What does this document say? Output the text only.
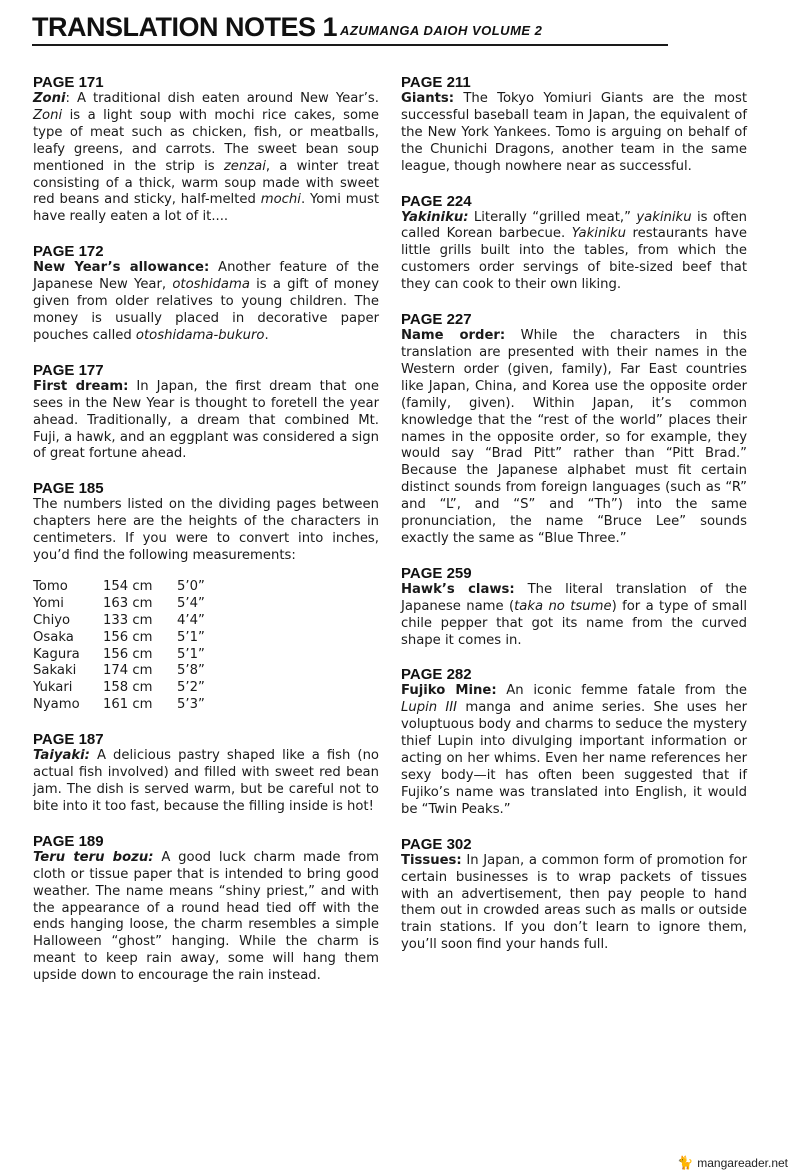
TRANSLATION NOTES 1 AZUMANGA DAIOH VOLUME 2
PAGE 171
Zoni: A traditional dish eaten around New Year’s. Zoni is a light soup with mochi rice cakes, some type of meat such as chicken, fish, or meatballs, leafy greens, and carrots. The sweet bean soup mentioned in the strip is zenzai, a winter treat consisting of a thick, warm soup made with sweet red beans and sticky, half-melted mochi. Yomi must have really eaten a lot of it....
PAGE 172
New Year’s allowance: Another feature of the Japanese New Year, otoshidama is a gift of money given from older relatives to young children. The money is usually placed in decorative paper pouches called otoshidama-bukuro.
PAGE 177
First dream: In Japan, the first dream that one sees in the New Year is thought to foretell the year ahead. Traditionally, a dream that combined Mt. Fuji, a hawk, and an eggplant was considered a sign of great fortune ahead.
PAGE 185
The numbers listed on the dividing pages between chapters here are the heights of the characters in centimeters. If you were to convert into inches, you’d find the following measurements:
Tomo	154 cm	5’0”
Yomi	163 cm	5’4”
Chiyo	133 cm	4’4”
Osaka	156 cm	5’1”
Kagura	156 cm	5’1”
Sakaki	174 cm	5’8”
Yukari	158 cm	5’2”
Nyamo	161 cm	5’3”
PAGE 187
Taiyaki: A delicious pastry shaped like a fish (no actual fish involved) and filled with sweet red bean jam. The dish is served warm, but be careful not to bite into it too fast, because the filling inside is hot!
PAGE 189
Teru teru bozu: A good luck charm made from cloth or tissue paper that is intended to bring good weather. The name means “shiny priest,” and with the appearance of a round head tied off with the ends hanging loose, the charm resembles a simple Halloween “ghost” hanging. While the charm is meant to keep rain away, some will hang them upside down to encourage the rain instead.
PAGE 211
Giants: The Tokyo Yomiuri Giants are the most successful baseball team in Japan, the equivalent of the New York Yankees. Tomo is arguing on behalf of the Chunichi Dragons, another team in the same league, though nowhere near as successful.
PAGE 224
Yakiniku: Literally “grilled meat,” yakiniku is often called Korean barbecue. Yakiniku restaurants have little grills built into the tables, from which the customers order servings of bite-sized beef that they can cook to their own liking.
PAGE 227
Name order: While the characters in this translation are presented with their names in the Western order (given, family), Far East countries like Japan, China, and Korea use the opposite order (family, given). Within Japan, it’s common knowledge that the “rest of the world” places their names in the opposite order, so for example, they would say “Brad Pitt” rather than “Pitt Brad.” Because the Japanese alphabet must fit certain distinct sounds from foreign languages (such as “R” and “L”, and “S” and “Th”) into the same pronunciation, the name “Bruce Lee” sounds exactly the same as “Blue Three.”
PAGE 259
Hawk’s claws: The literal translation of the Japanese name (taka no tsume) for a type of small chile pepper that got its name from the curved shape it comes in.
PAGE 282
Fujiko Mine: An iconic femme fatale from the Lupin III manga and anime series. She uses her voluptuous body and charms to seduce the mystery thief Lupin into divulging important information or acting on her whims. Even her name references her sexy body—it has often been suggested that if Fujiko’s name was translated into English, it would be “Twin Peaks.”
PAGE 302
Tissues: In Japan, a common form of promotion for certain businesses is to wrap packets of tissues with an advertisement, then pay people to hand them out in crowded areas such as malls or outside train stations. If you don’t learn to ignore them, you’ll soon find your hands full.
🐈 mangareader.net
